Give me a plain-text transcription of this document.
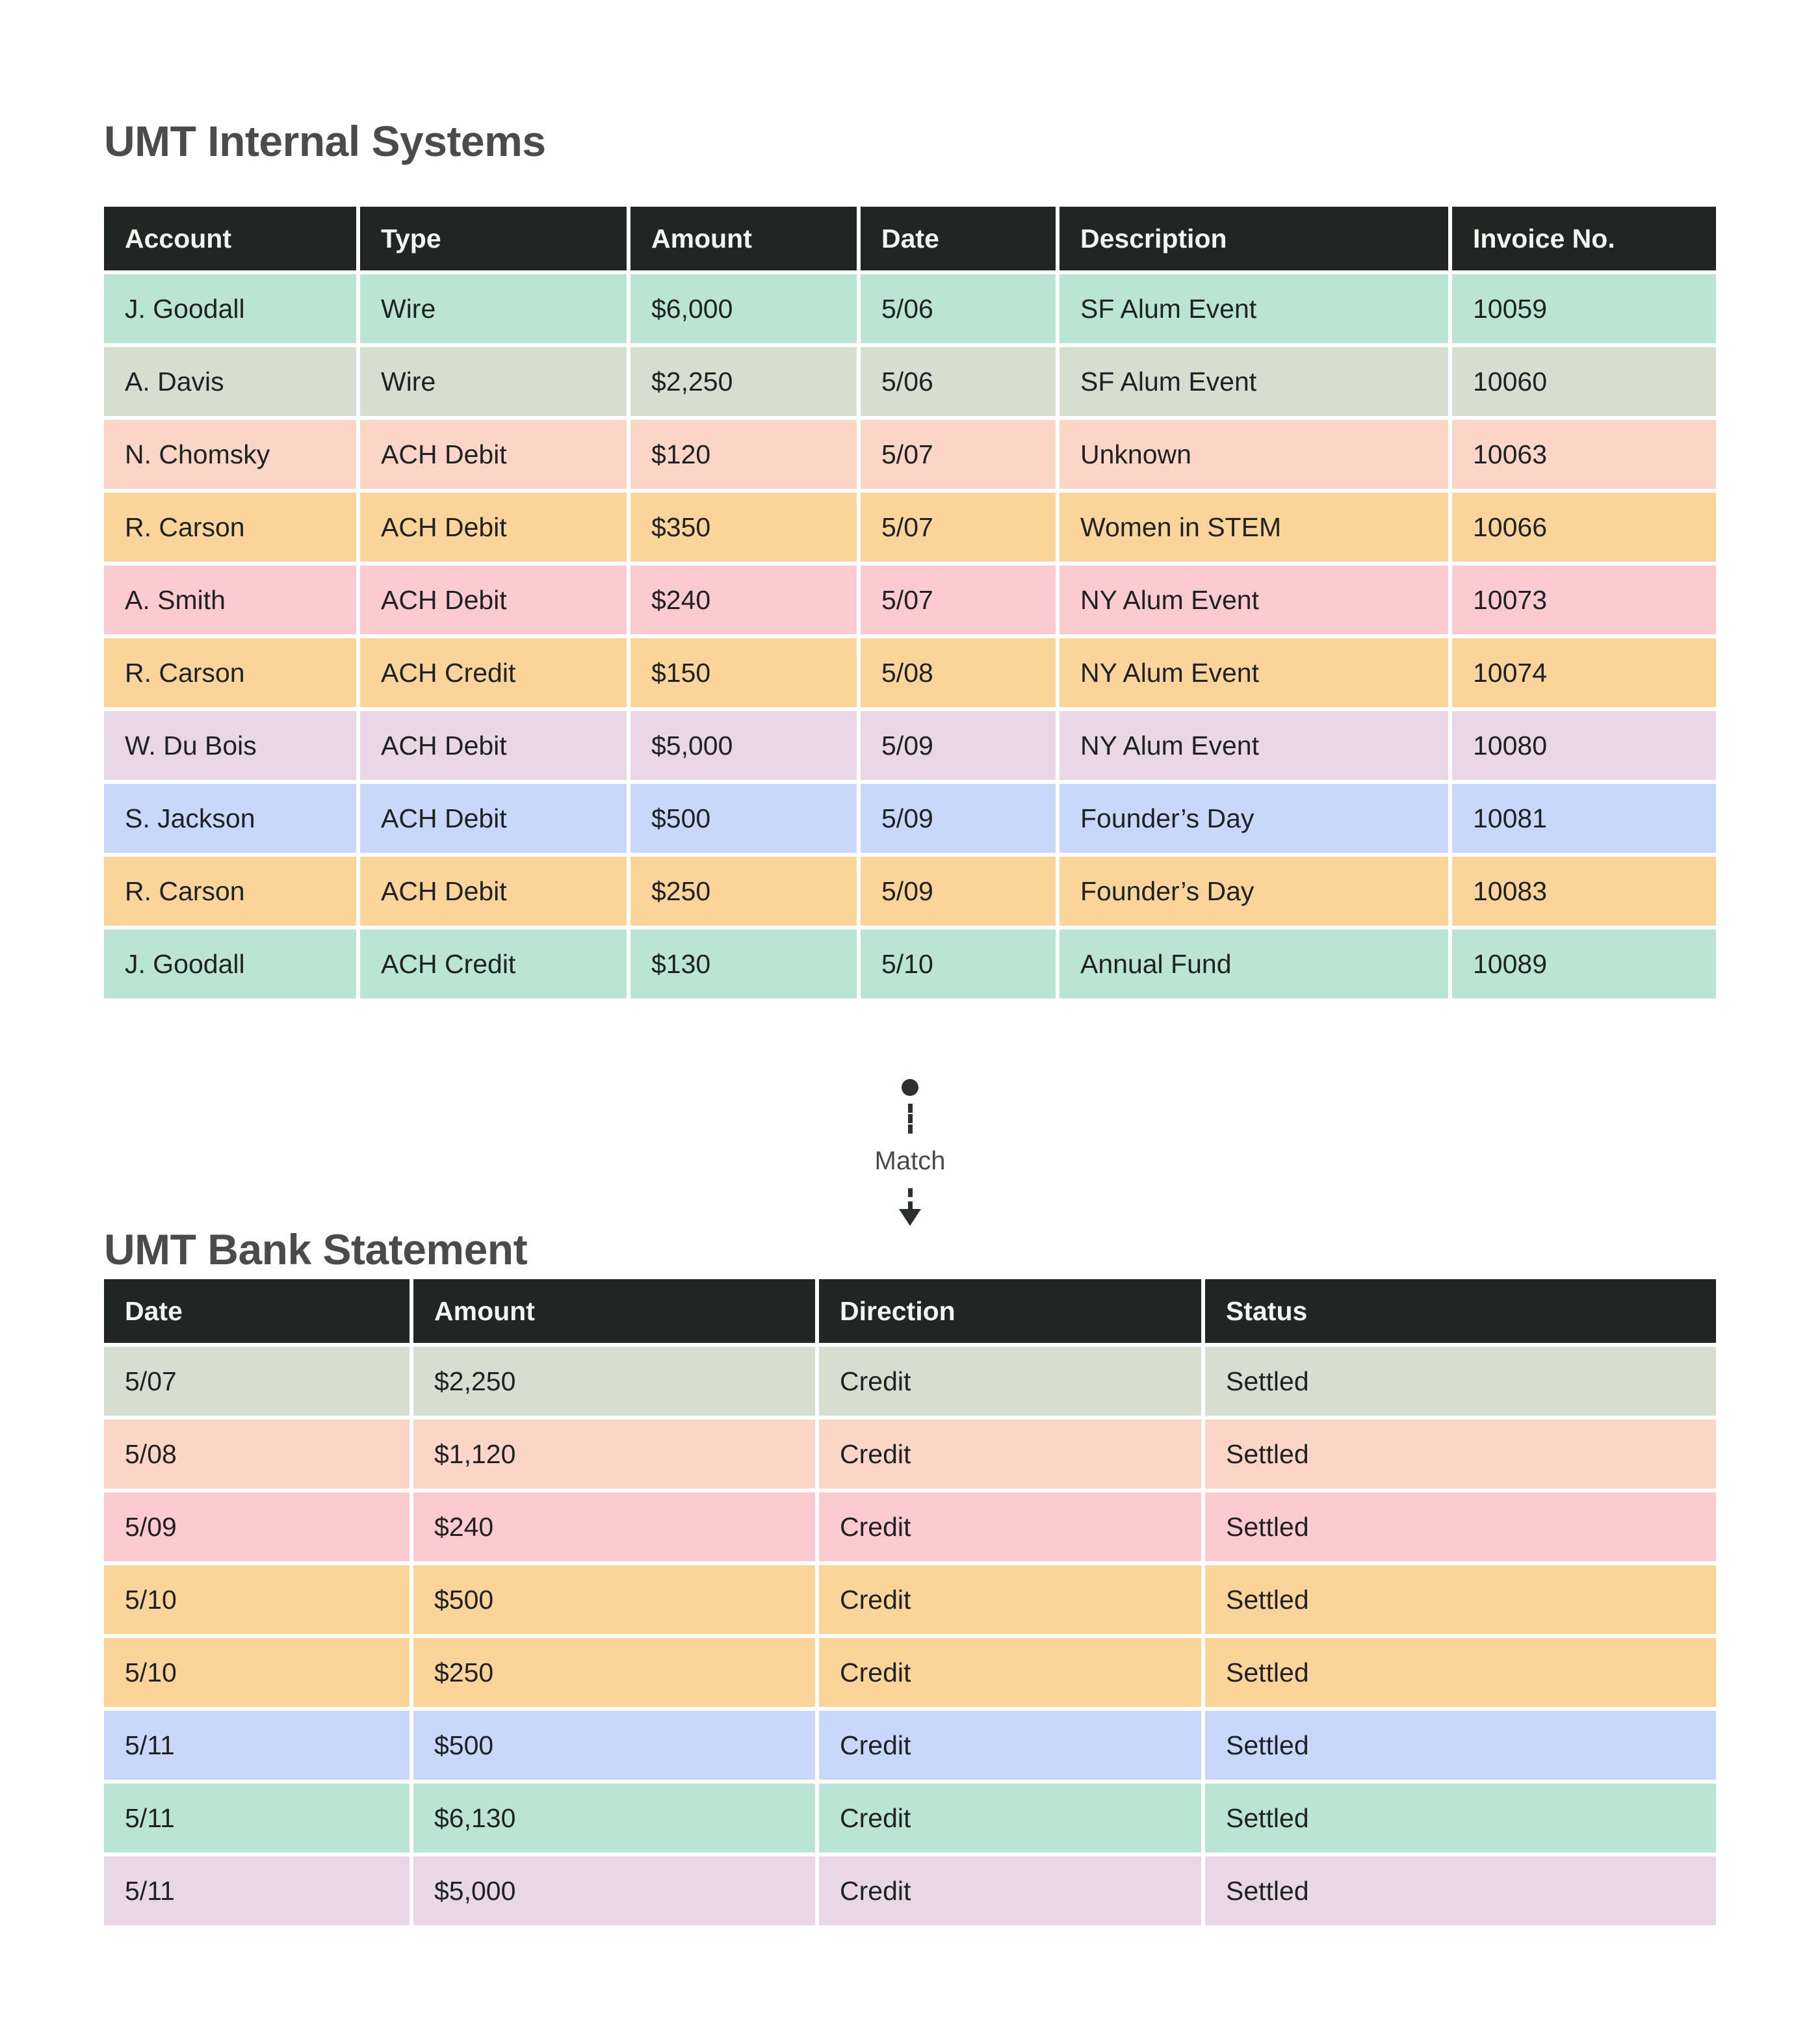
UMT Internal Systems
Account	Type	Amount	Date	Description	Invoice No.
J. Goodall	Wire	$6,000	5/06	SF Alum Event	10059
A. Davis	Wire	$2,250	5/06	SF Alum Event	10060
N. Chomsky	ACH Debit	$120	5/07	Unknown	10063
R. Carson	ACH Debit	$350	5/07	Women in STEM	10066
A. Smith	ACH Debit	$240	5/07	NY Alum Event	10073
R. Carson	ACH Credit	$150	5/08	NY Alum Event	10074
W. Du Bois	ACH Debit	$5,000	5/09	NY Alum Event	10080
S. Jackson	ACH Debit	$500	5/09	Founder’s Day	10081
R. Carson	ACH Debit	$250	5/09	Founder’s Day	10083
J. Goodall	ACH Credit	$130	5/10	Annual Fund	10089
Match
UMT Bank Statement
Date	Amount	Direction	Status
5/07	$2,250	Credit	Settled
5/08	$1,120	Credit	Settled
5/09	$240	Credit	Settled
5/10	$500	Credit	Settled
5/10	$250	Credit	Settled
5/11	$500	Credit	Settled
5/11	$6,130	Credit	Settled
5/11	$5,000	Credit	Settled
